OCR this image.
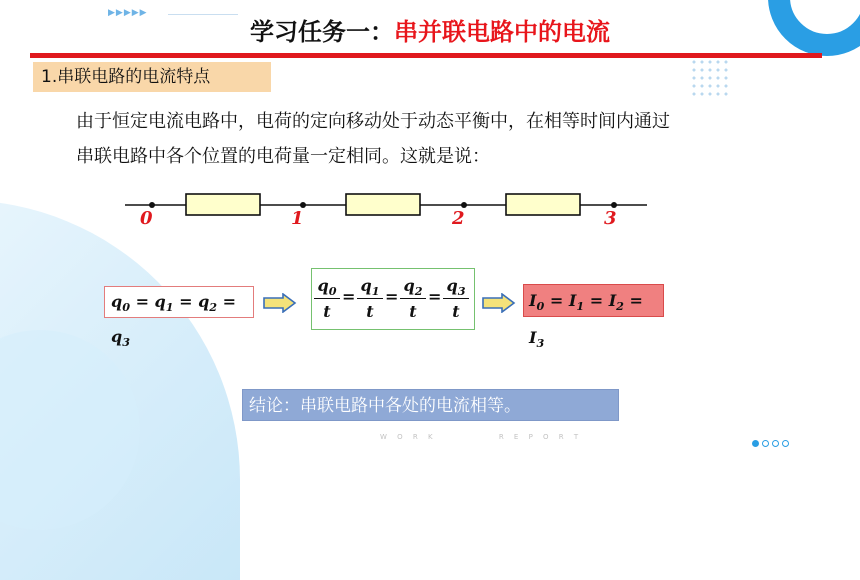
▶▶▶▶▶
学习任务一：串并联电路中的电流
1.串联电路的电流特点
由于恒定电流电路中，电荷的定向移动处于动态平衡中，在相等时间内通过
串联电路中各个位置的电荷量一定相同。这就是说：
0	1	2	3
$q_0 = q_1 = q_2 = q_3$
$q_0$
t
=
$q_1$
t
=
$q_2$
t
=
$q_3$
t
$I_0 = I_1 = I_2 = I_3$
结论：串联电路中各处的电流相等。
W O R K	R E P O R T
